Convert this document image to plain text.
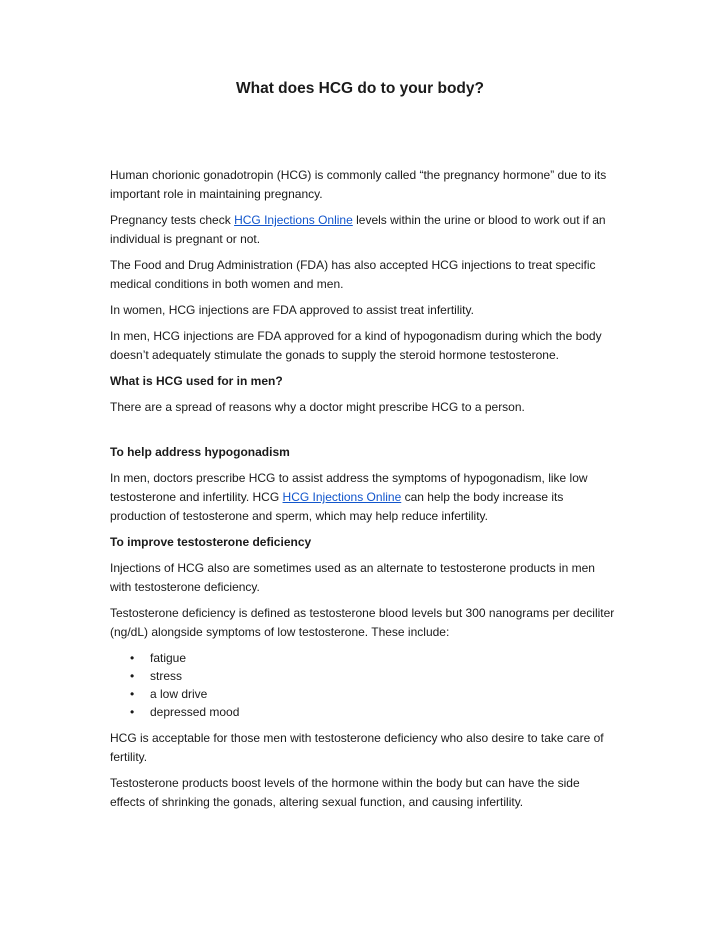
What does HCG do to your body?

Human chorionic gonadotropin (HCG) is commonly called “the pregnancy hormone” due to its important role in maintaining pregnancy.

Pregnancy tests check HCG Injections Online levels within the urine or blood to work out if an individual is pregnant or not.

The Food and Drug Administration (FDA) has also accepted HCG injections to treat specific medical conditions in both women and men.

In women, HCG injections are FDA approved to assist treat infertility.

In men, HCG injections are FDA approved for a kind of hypogonadism during which the body doesn’t adequately stimulate the gonads to supply the steroid hormone testosterone.

What is HCG used for in men?

There are a spread of reasons why a doctor might prescribe HCG to a person.

To help address hypogonadism

In men, doctors prescribe HCG to assist address the symptoms of hypogonadism, like low testosterone and infertility. HCG HCG Injections Online can help the body increase its production of testosterone and sperm, which may help reduce infertility.

To improve testosterone deficiency

Injections of HCG also are sometimes used as an alternate to testosterone products in men with testosterone deficiency.

Testosterone deficiency is defined as testosterone blood levels but 300 nanograms per deciliter (ng/dL) alongside symptoms of low testosterone. These include:

• fatigue
• stress
• a low drive
• depressed mood

HCG is acceptable for those men with testosterone deficiency who also desire to take care of fertility.

Testosterone products boost levels of the hormone within the body but can have the side effects of shrinking the gonads, altering sexual function, and causing infertility.
